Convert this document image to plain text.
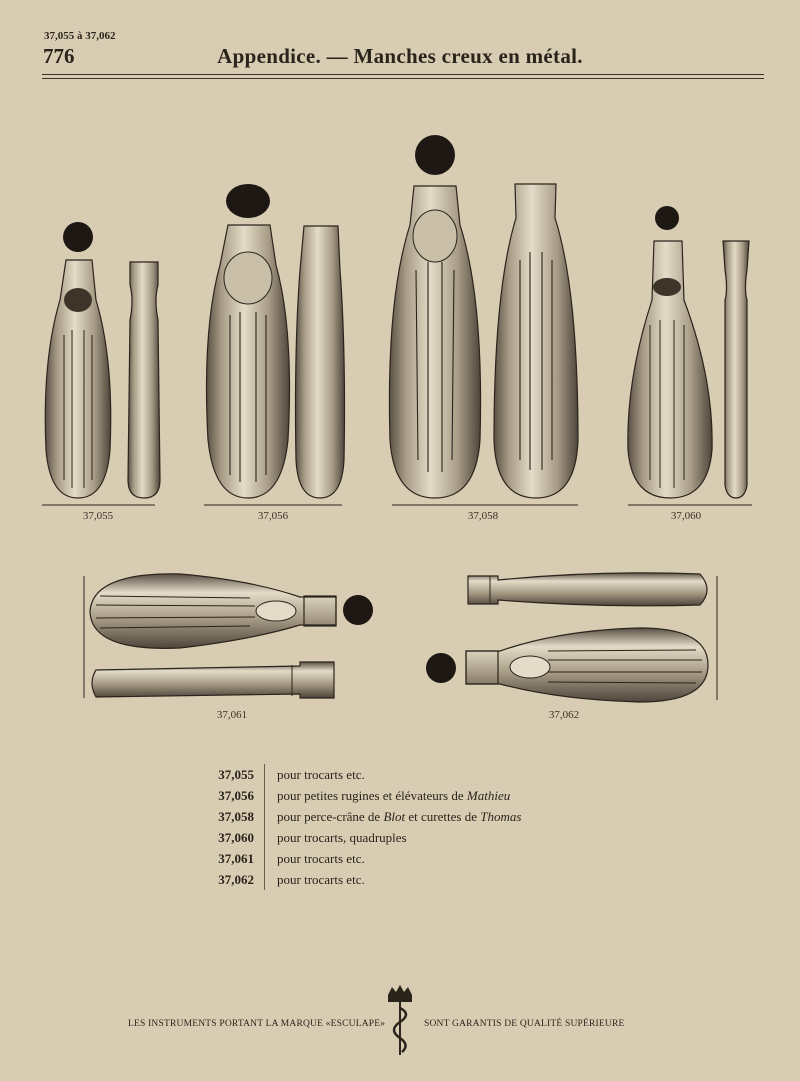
37,055 à 37,062
776	Appendice. — Manches creux en métal.
37,055	37,056	37,058	37,060
37,061	37,062
37,055	pour trocarts etc.
37,056	pour petites rugines et élévateurs de Mathieu
37,058	pour perce-crâne de Blot et curettes de Thomas
37,060	pour trocarts, quadruples
37,061	pour trocarts etc.
37,062	pour trocarts etc.
LES INSTRUMENTS PORTANT LA MARQUE «ESCULAPE»	SONT GARANTIS DE QUALITÉ SUPÉRIEURE
